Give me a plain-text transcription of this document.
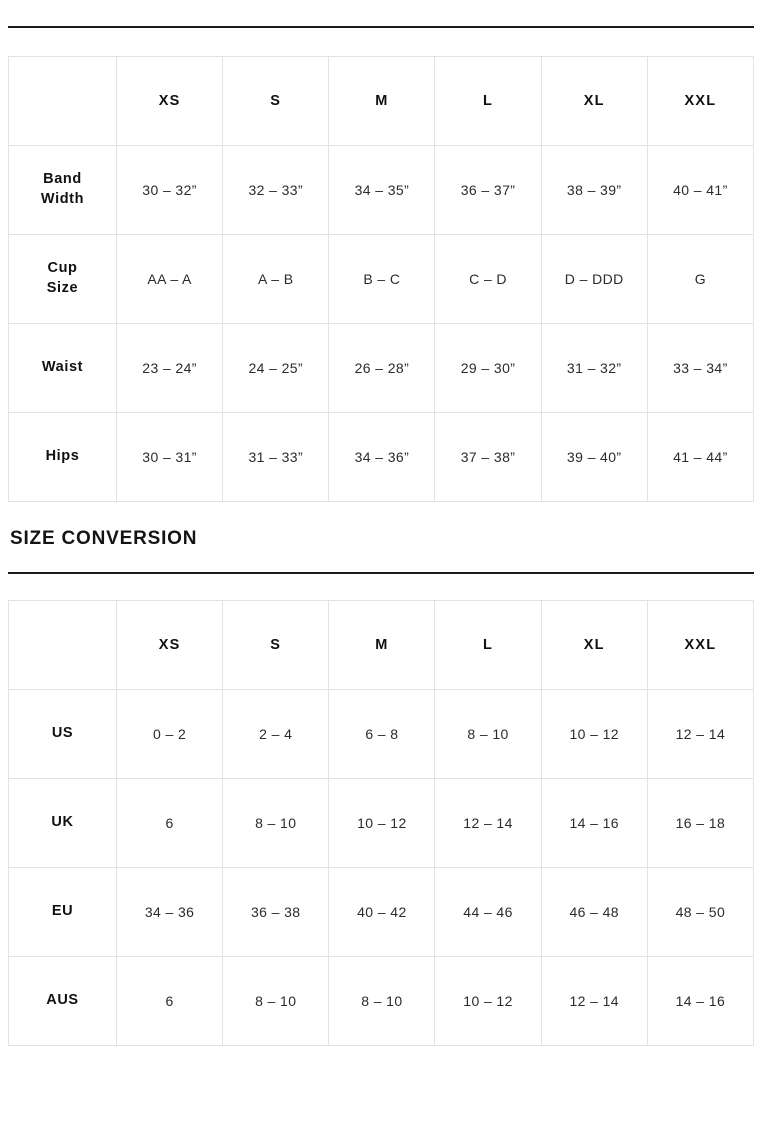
	XS	S	M	L	XL	XXL

Band
Width	30 – 32”	32 – 33”	34 – 35”	36 – 37”	38 – 39”	40 – 41”

Cup
Size	AA – A	A – B	B – C	C – D	D – DDD	G

Waist	23 – 24”	24 – 25”	26 – 28”	29 – 30”	31 – 32”	33 – 34”

Hips	30 – 31”	31 – 33”	34 – 36”	37 – 38”	39 – 40”	41 – 44”
SIZE CONVERSION
	XS	S	M	L	XL	XXL
US	0 – 2	2 – 4	6 – 8	8 – 10	10 – 12	12 – 14
UK	6	8 – 10	10 – 12	12 – 14	14 – 16	16 – 18
EU	34 – 36	36 – 38	40 – 42	44 – 46	46 – 48	48 – 50
AUS	6	8 – 10	8 – 10	10 – 12	12 – 14	14 – 16
